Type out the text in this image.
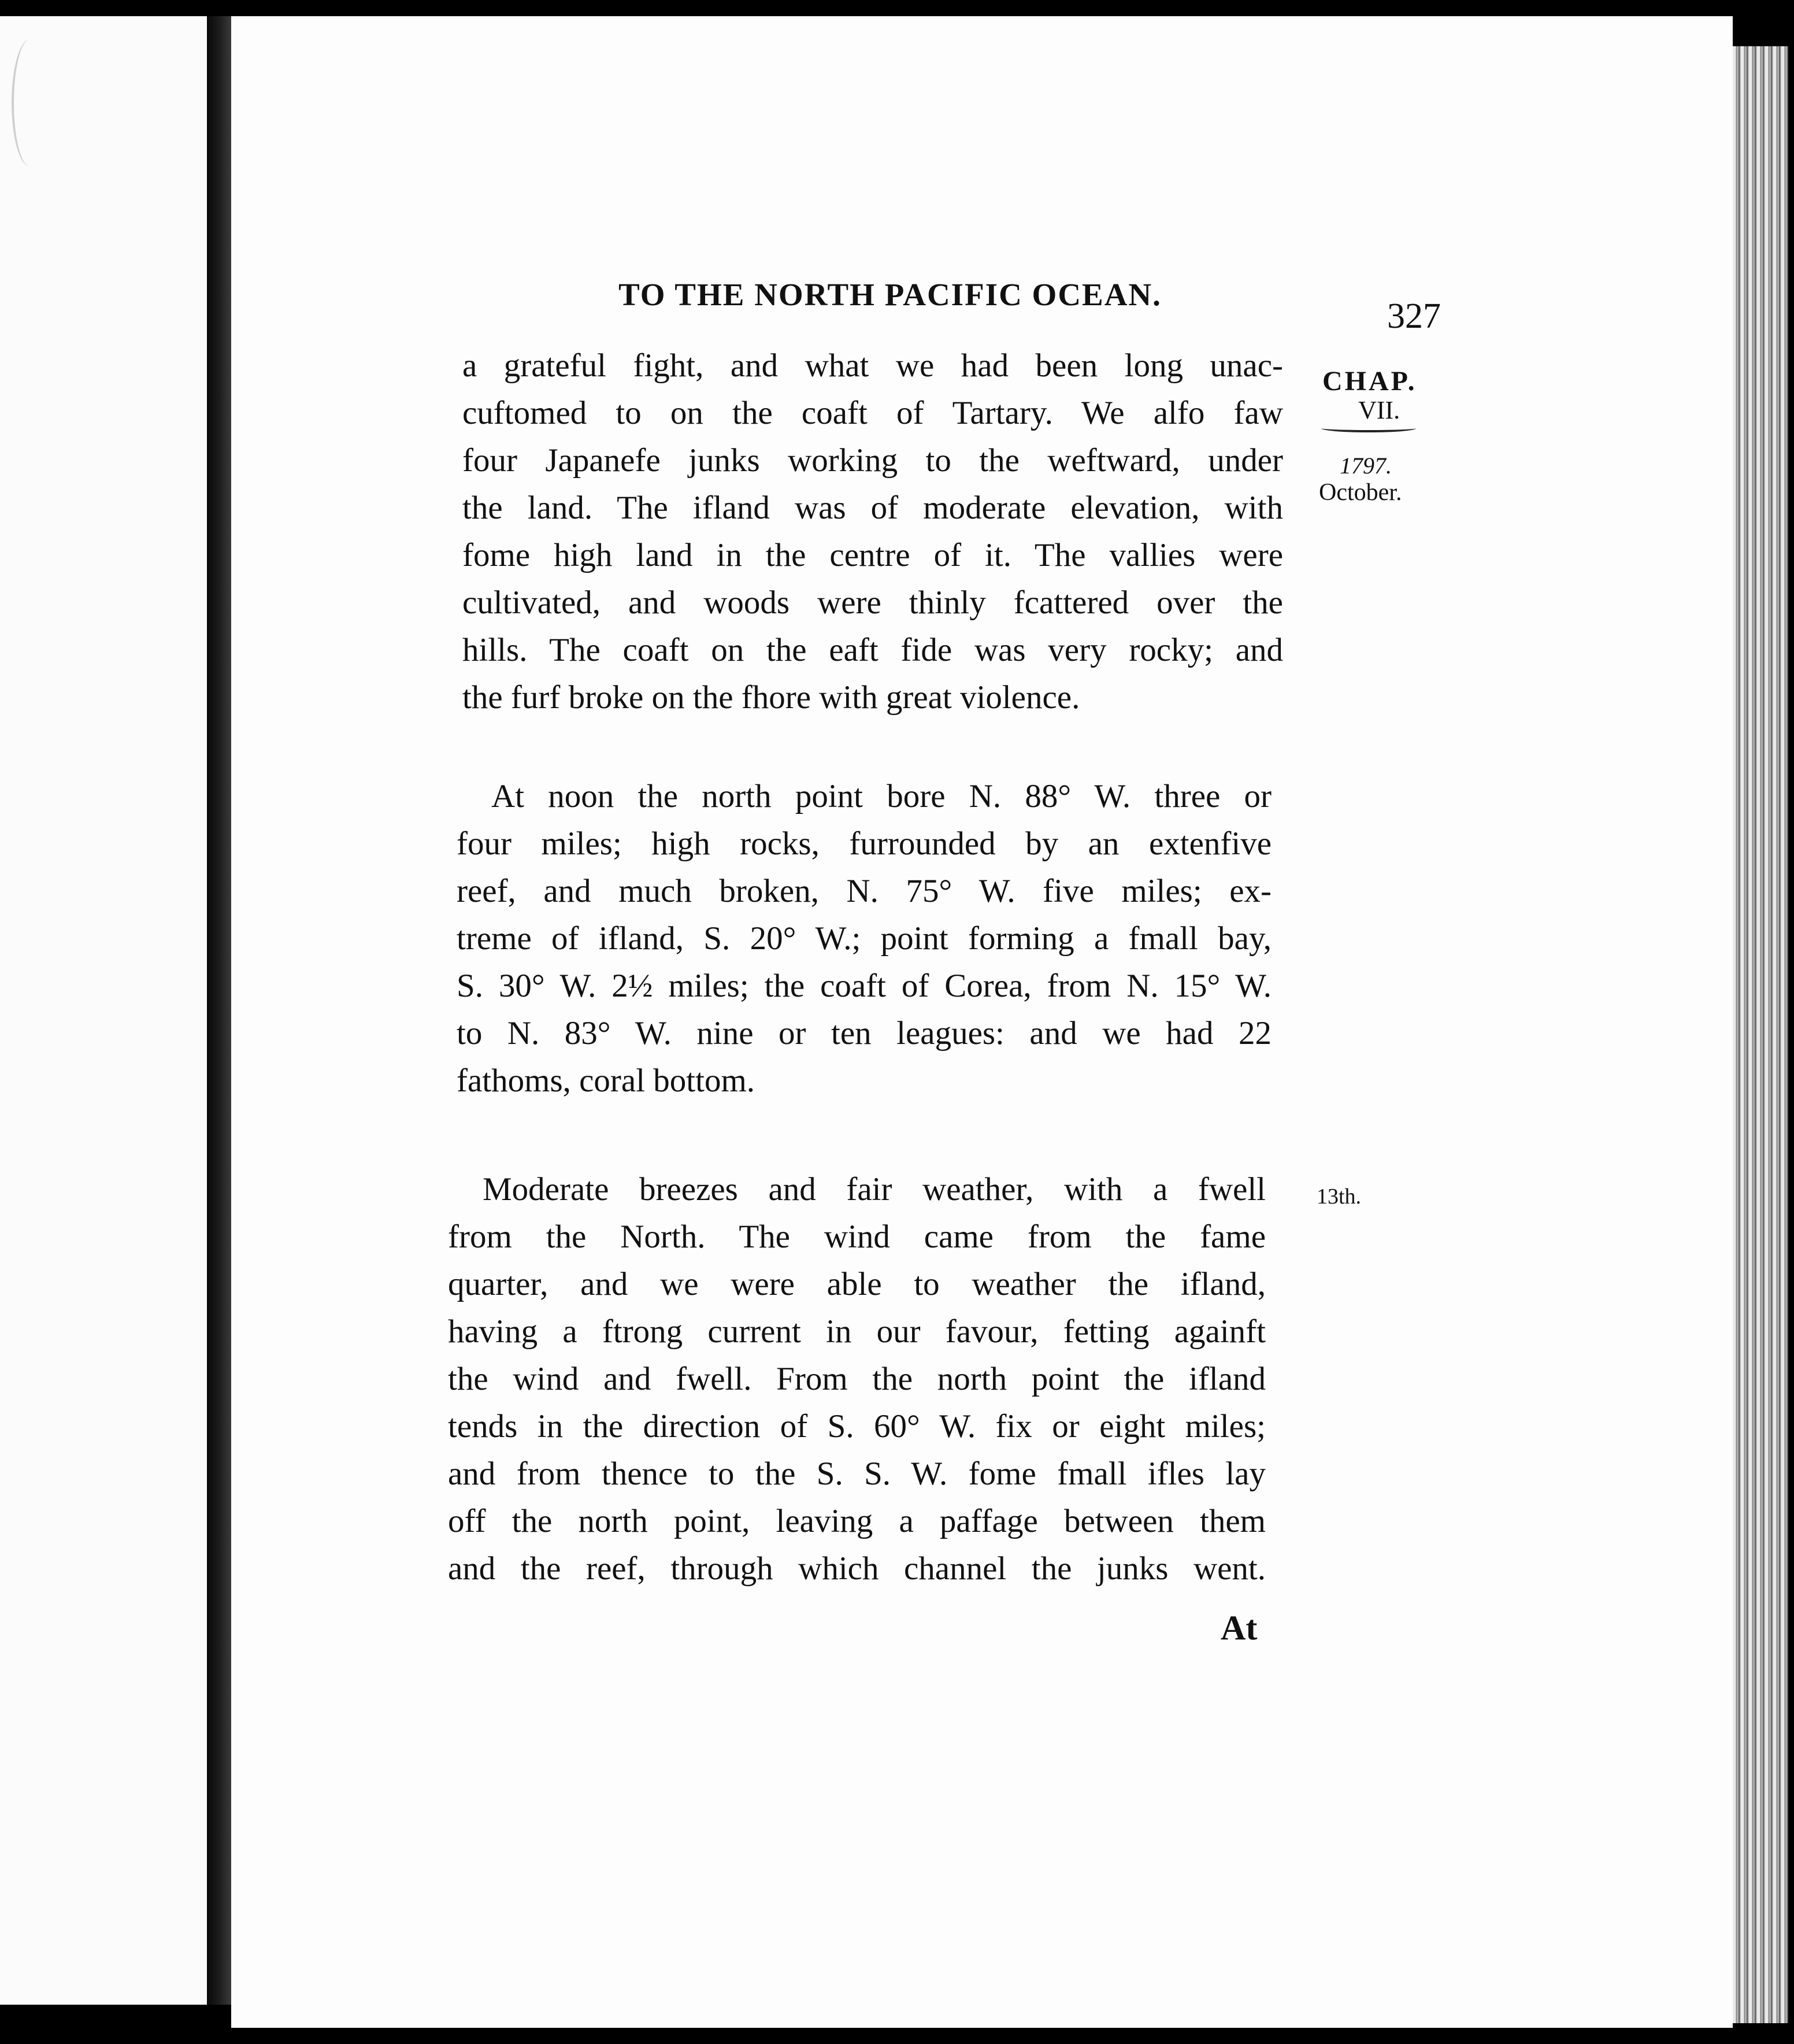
TO THE NORTH PACIFIC OCEAN.
327
CHAP.
VII.
1797.
October.
13th.
a grateful fight, and what we had been long unac-
cuftomed to on the coaft of Tartary. We alfo faw
four Japanefe junks working to the weftward, under
the land. The ifland was of moderate elevation, with
fome high land in the centre of it. The vallies were
cultivated, and woods were thinly fcattered over the
hills. The coaft on the eaft fide was very rocky; and
the furf broke on the fhore with great violence.
At noon the north point bore N. 88° W. three or
four miles; high rocks, furrounded by an extenfive
reef, and much broken, N. 75° W. five miles; ex-
treme of ifland, S. 20° W.; point forming a fmall bay,
S. 30° W. 2½ miles; the coaft of Corea, from N. 15° W.
to N. 83° W. nine or ten leagues: and we had 22
fathoms, coral bottom.
Moderate breezes and fair weather, with a fwell
from the North. The wind came from the fame
quarter, and we were able to weather the ifland,
having a ftrong current in our favour, fetting againft
the wind and fwell. From the north point the ifland
tends in the direction of S. 60° W. fix or eight miles;
and from thence to the S. S. W. fome fmall ifles lay
off the north point, leaving a paffage between them
and the reef, through which channel the junks went.
At
